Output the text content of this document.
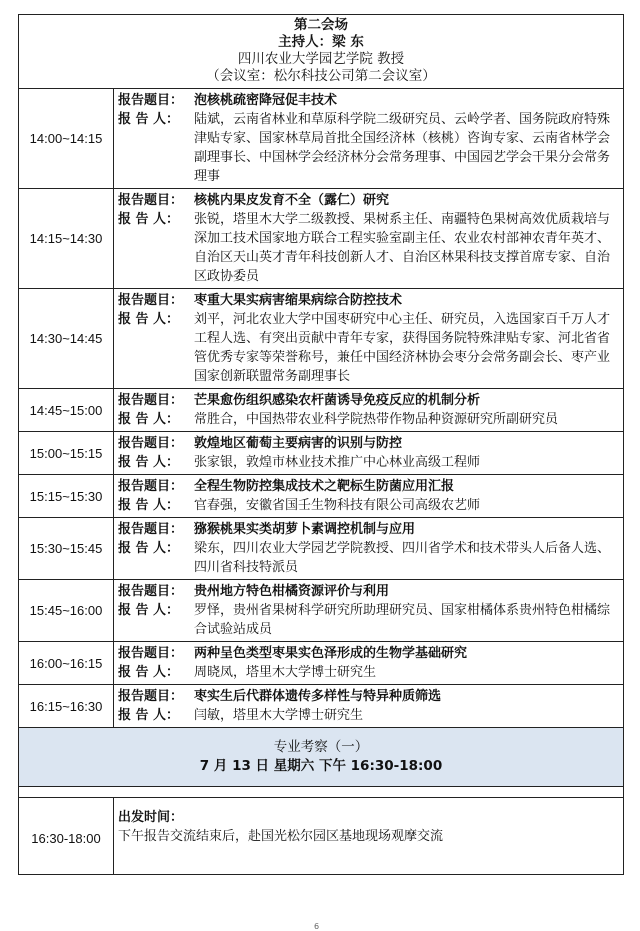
第二会场
主持人：梁 东
四川农业大学园艺学院 教授
（会议室：松尔科技公司第二会议室）
14:00~14:15
报告题目： 泡核桃疏密降冠促丰技术
报 告 人：	陆斌，云南省林业和草原科学院二级研究员、云岭学者、国务院政府特殊津贴专家、国家林草局首批全国经济林（核桃）咨询专家、云南省林学会副理事长、中国林学会经济林分会常务理事、中国园艺学会干果分会常务理事
14:15~14:30
报告题目： 核桃内果皮发育不全（露仁）研究
报 告 人：	张锐，塔里木大学二级教授、果树系主任、南疆特色果树高效优质栽培与深加工技术国家地方联合工程实验室副主任、农业农村部神农青年英才、自治区天山英才青年科技创新人才、自治区林果科技支撑首席专家、自治区政协委员
14:30~14:45
报告题目： 枣重大果实病害缩果病综合防控技术
报 告 人：	刘平，河北农业大学中国枣研究中心主任、研究员，入选国家百千万人才工程人选、有突出贡献中青年专家，获得国务院特殊津贴专家、河北省省管优秀专家等荣誉称号，兼任中国经济林协会枣分会常务副会长、枣产业国家创新联盟常务副理事长
14:45~15:00
报告题目： 芒果愈伤组织感染农杆菌诱导免疫反应的机制分析
报 告 人：	常胜合，中国热带农业科学院热带作物品种资源研究所副研究员
15:00~15:15
报告题目： 敦煌地区葡萄主要病害的识别与防控
报 告 人：	张家银，敦煌市林业技术推广中心林业高级工程师
15:15~15:30
报告题目： 全程生物防控集成技术之靶标生防菌应用汇报
报 告 人：	官春强，安徽省国壬生物科技有限公司高级农艺师
15:30~15:45
报告题目： 猕猴桃果实类胡萝卜素调控机制与应用
报 告 人：	梁东，四川农业大学园艺学院教授、四川省学术和技术带头人后备人选、四川省科技特派员
15:45~16:00
报告题目： 贵州地方特色柑橘资源评价与利用
报 告 人：	罗怿，贵州省果树科学研究所助理研究员、国家柑橘体系贵州特色柑橘综合试验站成员
16:00~16:15
报告题目： 两种呈色类型枣果实色泽形成的生物学基础研究
报 告 人：	周晓凤，塔里木大学博士研究生
16:15~16:30
报告题目： 枣实生后代群体遗传多样性与特异种质筛选
报 告 人：	闫敏，塔里木大学博士研究生
专业考察（一）
7 月 13 日 星期六 下午 16:30-18:00
16:30-18:00
出发时间：
下午报告交流结束后，赴国光松尔园区基地现场观摩交流
6
